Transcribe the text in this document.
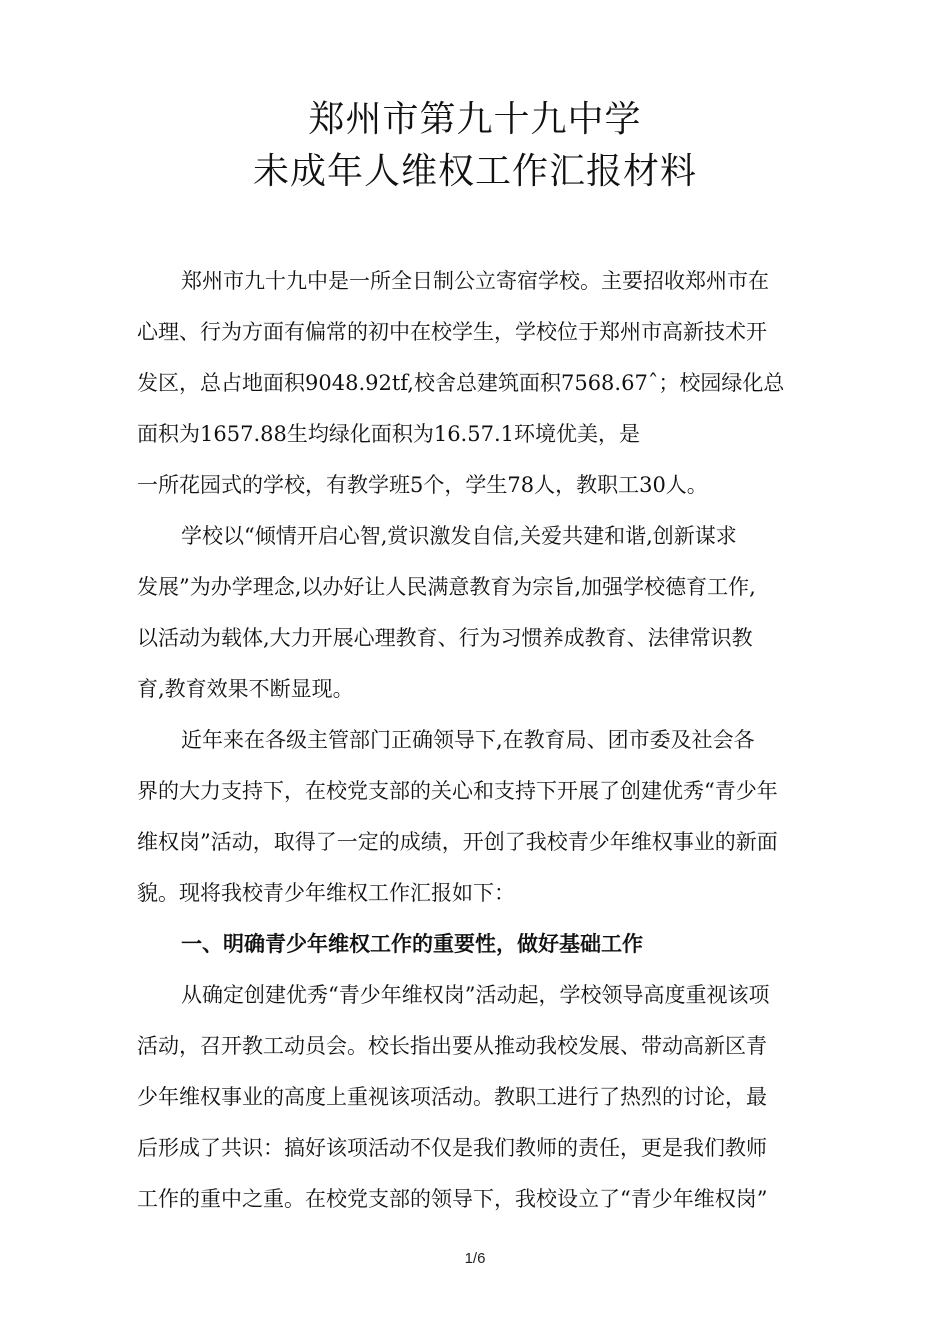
郑州市第九十九中学
未成年人维权工作汇报材料
郑州市九十九中是一所全日制公立寄宿学校。主要招收郑州市在
心理、行为方面有偏常的初中在校学生，学校位于郑州市高新技术开
发区，总占地面积9048.92tf,校舍总建筑面积7568.67ˆ；校园绿化总
面积为1657.88生均绿化面积为16.57.1环境优美，是
一所花园式的学校，有教学班5个，学生78人，教职工30人。
学校以“倾情开启心智,赏识激发自信,关爱共建和谐,创新谋求
发展”为办学理念,以办好让人民满意教育为宗旨,加强学校德育工作,
以活动为载体,大力开展心理教育、行为习惯养成教育、法律常识教
育,教育效果不断显现。
近年来在各级主管部门正确领导下,在教育局、团市委及社会各
界的大力支持下，在校党支部的关心和支持下开展了创建优秀“青少年
维权岗”活动，取得了一定的成绩，开创了我校青少年维权事业的新面
貌。现将我校青少年维权工作汇报如下：
一、明确青少年维权工作的重要性，做好基础工作
从确定创建优秀“青少年维权岗”活动起，学校领导高度重视该项
活动，召开教工动员会。校长指出要从推动我校发展、带动高新区青
少年维权事业的高度上重视该项活动。教职工进行了热烈的讨论，最
后形成了共识：搞好该项活动不仅是我们教师的责任，更是我们教师
工作的重中之重。在校党支部的领导下，我校设立了“青少年维权岗”
1/6
